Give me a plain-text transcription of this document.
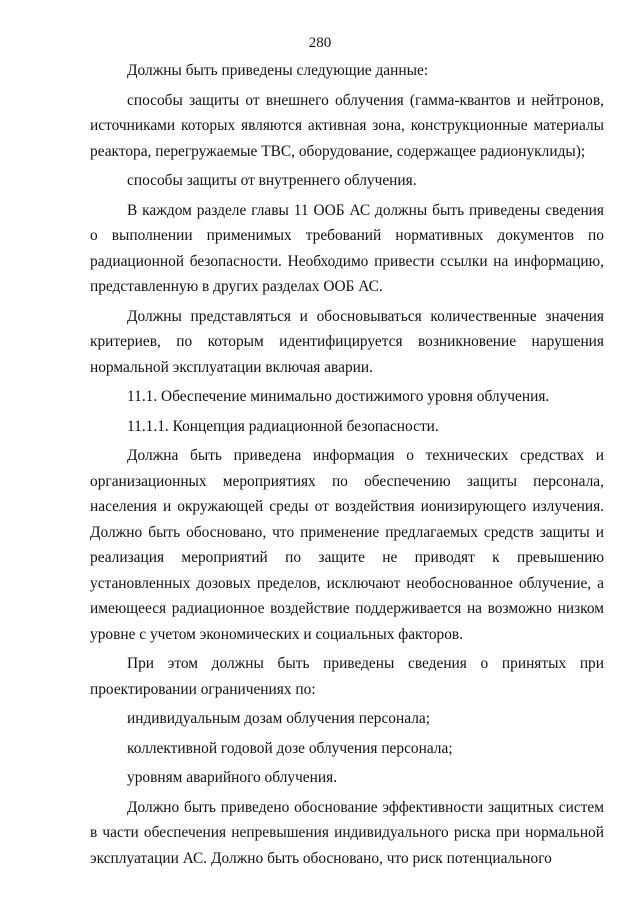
280

Должны быть приведены следующие данные:

способы защиты от внешнего облучения (гамма-квантов и нейтронов, источниками которых являются активная зона, конструкционные материалы реактора, перегружаемые ТВС, оборудование, содержащее радионуклиды);

способы защиты от внутреннего облучения.

В каждом разделе главы 11 ООБ АС должны быть приведены сведения о выполнении применимых требований нормативных документов по радиационной безопасности. Необходимо привести ссылки на информацию, представленную в других разделах ООБ АС.

Должны представляться и обосновываться количественные значения критериев, по которым идентифицируется возникновение нарушения нормальной эксплуатации включая аварии.

11.1. Обеспечение минимально достижимого уровня облучения.

11.1.1. Концепция радиационной безопасности.

Должна быть приведена информация о технических средствах и организационных мероприятиях по обеспечению защиты персонала, населения и окружающей среды от воздействия ионизирующего излучения. Должно быть обосновано, что применение предлагаемых средств защиты и реализация мероприятий по защите не приводят к превышению установленных дозовых пределов, исключают необоснованное облучение, а имеющееся радиационное воздействие поддерживается на возможно низком уровне с учетом экономических и социальных факторов.

При этом должны быть приведены сведения о принятых при проектировании ограничениях по:

индивидуальным дозам облучения персонала;

коллективной годовой дозе облучения персонала;

уровням аварийного облучения.

Должно быть приведено обоснование эффективности защитных систем в части обеспечения непревышения индивидуального риска при нормальной эксплуатации АС. Должно быть обосновано, что риск потенциального
